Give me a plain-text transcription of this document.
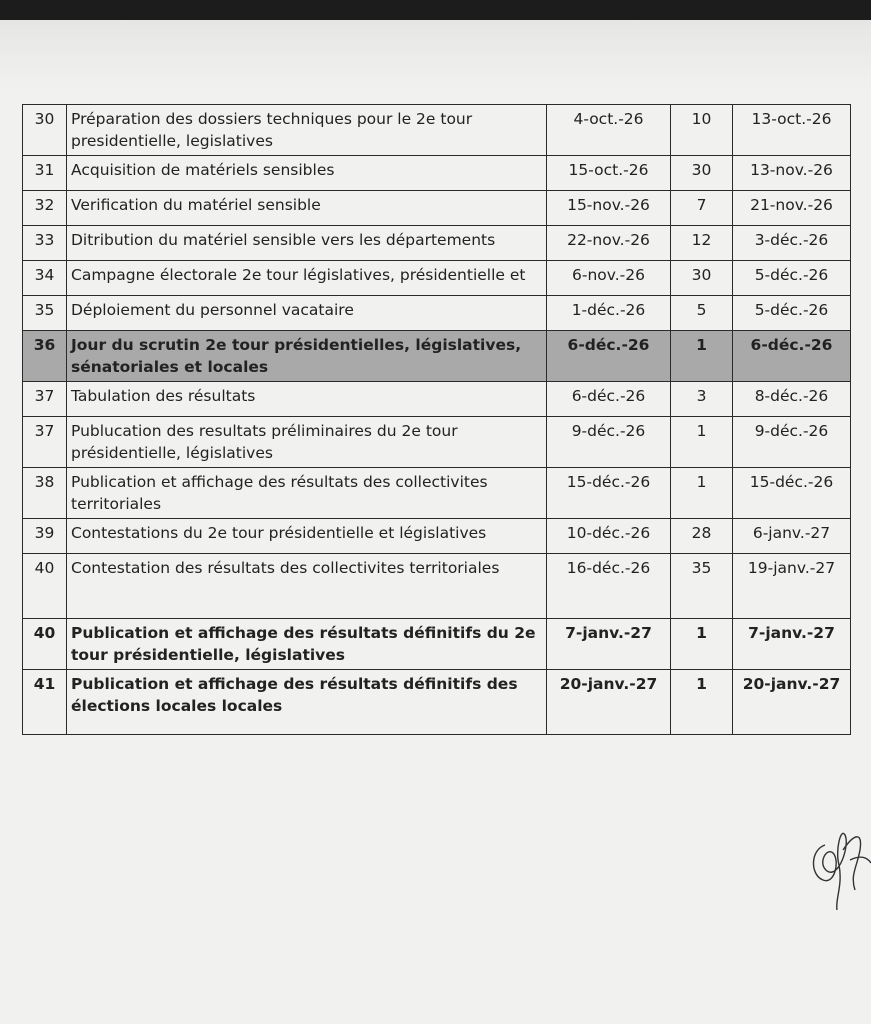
30	Préparation des dossiers techniques pour le 2e tour presidentielle, legislatives	4-oct.-26	10	13-oct.-26
31	Acquisition de matériels sensibles	15-oct.-26	30	13-nov.-26
32	Verification du matériel sensible	15-nov.-26	7	21-nov.-26
33	Ditribution du matériel sensible vers les départements	22-nov.-26	12	3-déc.-26
34	Campagne électorale 2e tour législatives, présidentielle et	6-nov.-26	30	5-déc.-26
35	Déploiement du personnel vacataire	1-déc.-26	5	5-déc.-26
36	Jour du scrutin 2e tour présidentielles, législatives, sénatoriales et locales	6-déc.-26	1	6-déc.-26
37	Tabulation des résultats	6-déc.-26	3	8-déc.-26
37	Publucation des resultats préliminaires du 2e tour présidentielle, législatives	9-déc.-26	1	9-déc.-26
38	Publication et affichage des résultats des collectivites territoriales	15-déc.-26	1	15-déc.-26
39	Contestations du 2e tour présidentielle et législatives	10-déc.-26	28	6-janv.-27
40	Contestation des résultats des collectivites territoriales	16-déc.-26	35	19-janv.-27
40	Publication et affichage des résultats définitifs du 2e tour présidentielle, législatives	7-janv.-27	1	7-janv.-27
41	Publication et affichage des résultats définitifs des élections locales locales	20-janv.-27	1	20-janv.-27
